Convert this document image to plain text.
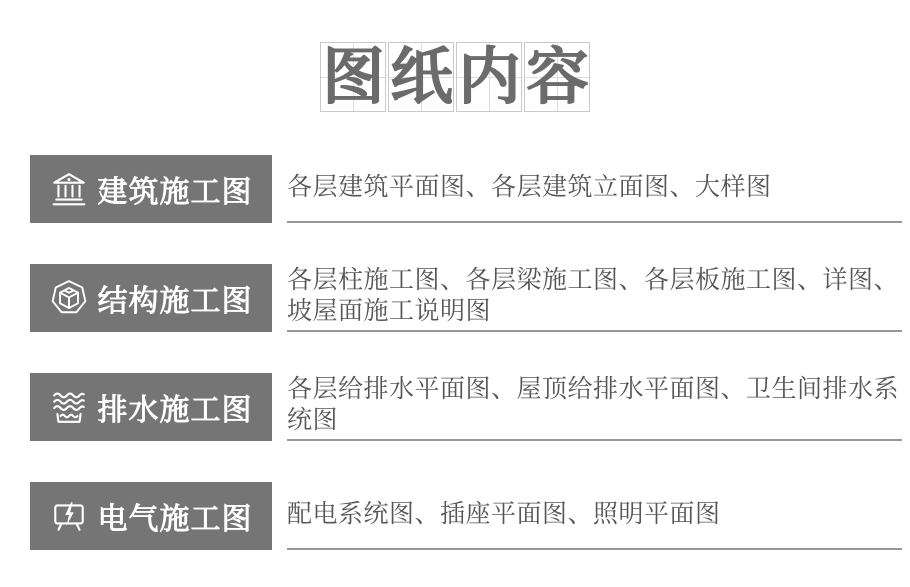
图 纸 内 容
建筑施工图 各层建筑平面图、各层建筑立面图、大样图
结构施工图
各层柱施工图、各层梁施工图、各层板施工图、详图、坡屋面施工说明图
排水施工图
各层给排水平面图、屋顶给排水平面图、卫生间排水系统图
电气施工图 配电系统图、插座平面图、照明平面图
